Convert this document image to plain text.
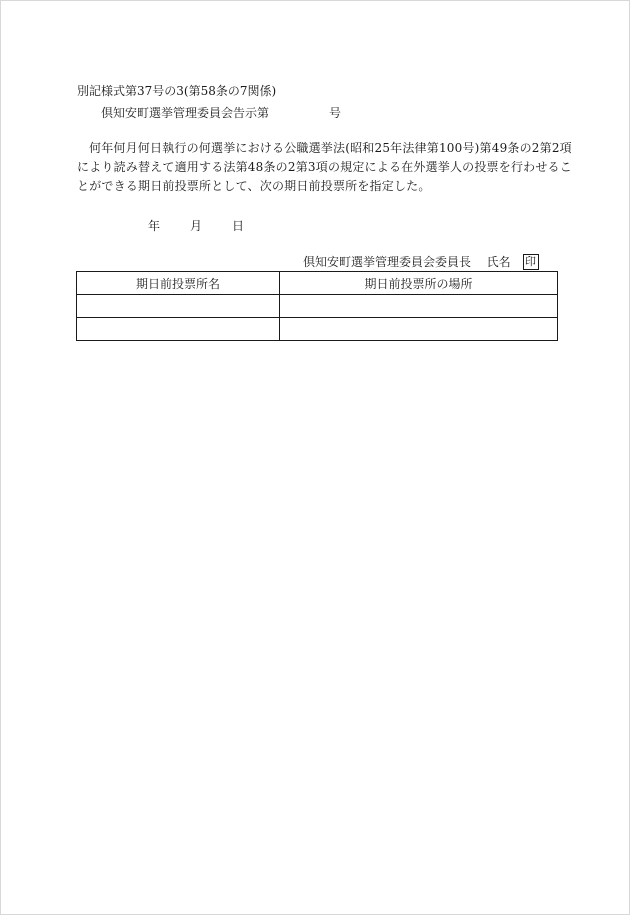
別記様式第37号の3(第58条の7関係)
倶知安町選挙管理委員会告示第	号
何年何月何日執行の何選挙における公職選挙法(昭和25年法律第100号)第49条の2第2項
により読み替えて適用する法第48条の2第3項の規定による在外選挙人の投票を行わせるこ
とができる期日前投票所として、次の期日前投票所を指定した。
年	月	日
倶知安町選挙管理委員会委員長 氏名 印
期日前投票所名	期日前投票所の場所
